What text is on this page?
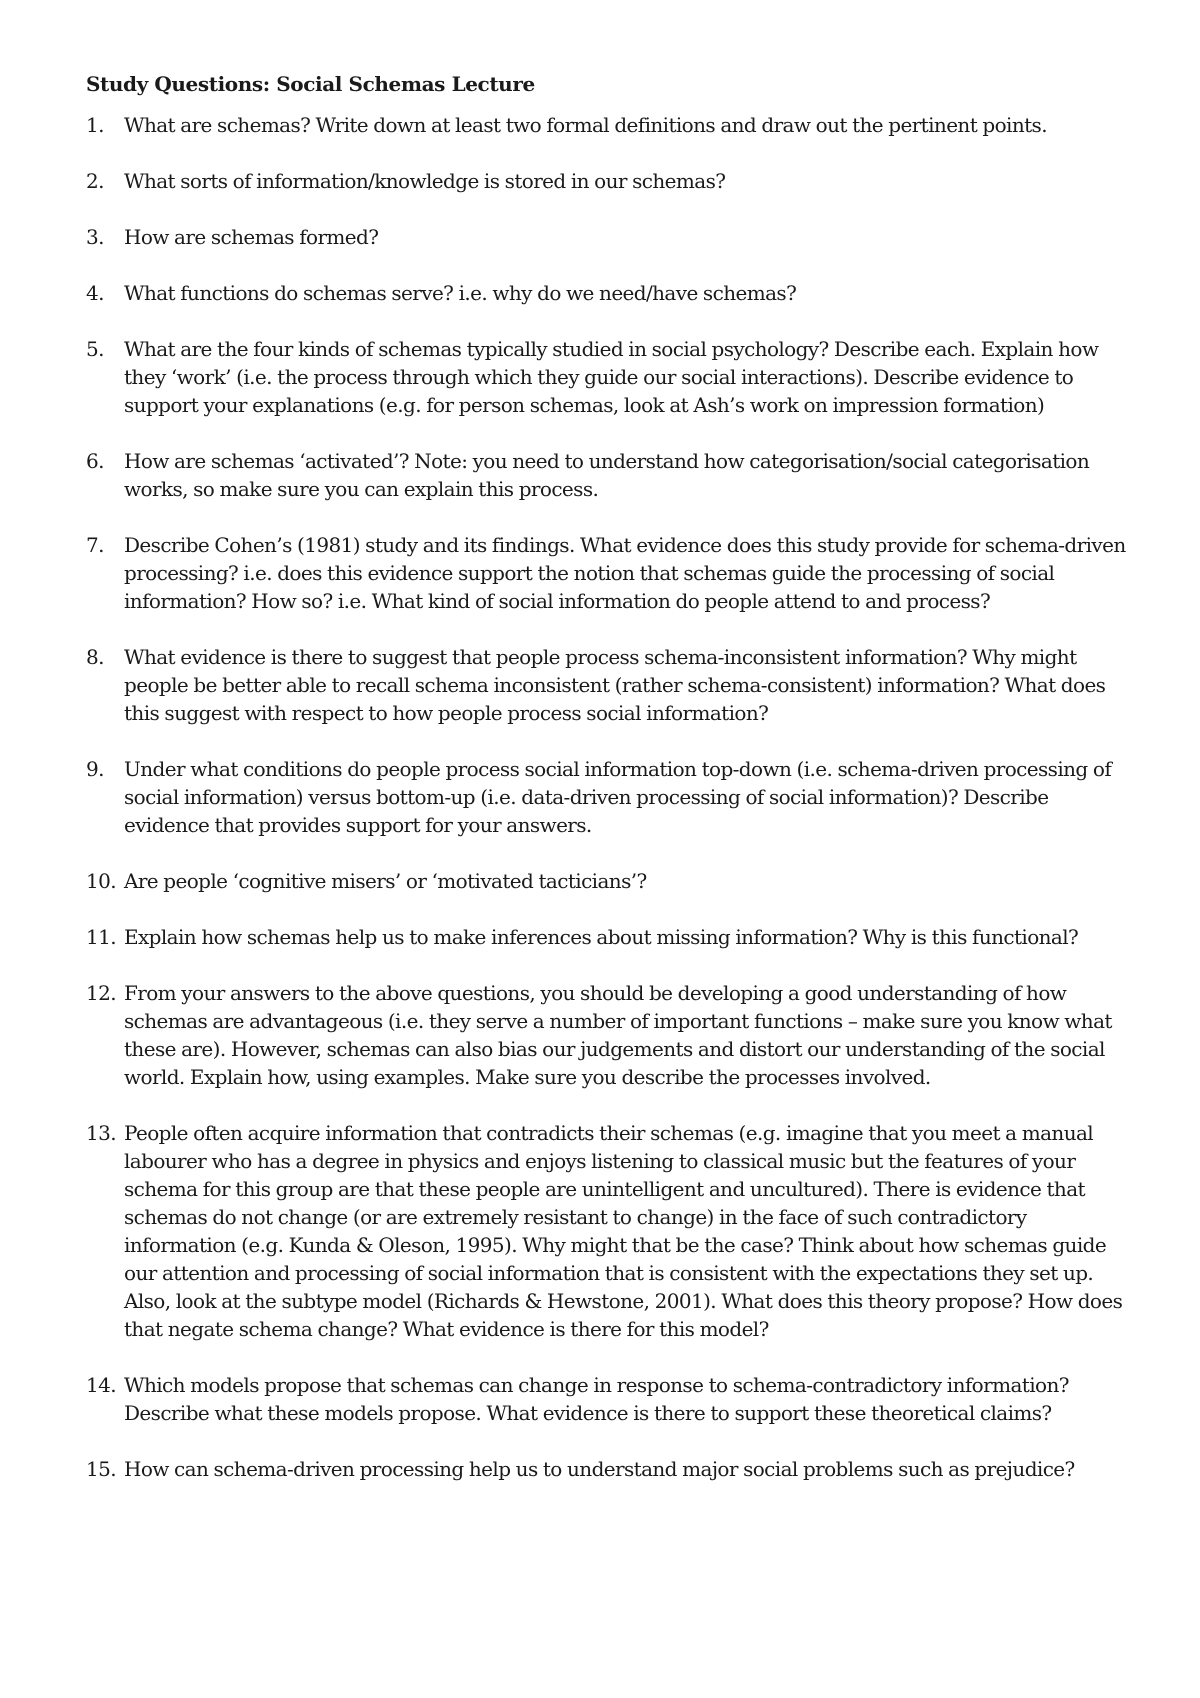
Study Questions: Social Schemas Lecture
1. What are schemas? Write down at least two formal definitions and draw out the pertinent points.
2. What sorts of information/knowledge is stored in our schemas?
3. How are schemas formed?
4. What functions do schemas serve? i.e. why do we need/have schemas?
5. What are the four kinds of schemas typically studied in social psychology? Describe each. Explain how they ‘work’ (i.e. the process through which they guide our social interactions). Describe evidence to support your explanations (e.g. for person schemas, look at Ash’s work on impression formation)
6. How are schemas ‘activated’? Note: you need to understand how categorisation/social categorisation works, so make sure you can explain this process.
7. Describe Cohen’s (1981) study and its findings. What evidence does this study provide for schema-driven processing? i.e. does this evidence support the notion that schemas guide the processing of social information? How so? i.e. What kind of social information do people attend to and process?
8. What evidence is there to suggest that people process schema-inconsistent information? Why might people be better able to recall schema inconsistent (rather schema-consistent) information? What does this suggest with respect to how people process social information?
9. Under what conditions do people process social information top-down (i.e. schema-driven processing of social information) versus bottom-up (i.e. data-driven processing of social information)? Describe evidence that provides support for your answers.
10. Are people ‘cognitive misers’ or ‘motivated tacticians’?
11. Explain how schemas help us to make inferences about missing information? Why is this functional?
12. From your answers to the above questions, you should be developing a good understanding of how schemas are advantageous (i.e. they serve a number of important functions – make sure you know what these are). However, schemas can also bias our judgements and distort our understanding of the social world. Explain how, using examples. Make sure you describe the processes involved.
13. People often acquire information that contradicts their schemas (e.g. imagine that you meet a manual labourer who has a degree in physics and enjoys listening to classical music but the features of your schema for this group are that these people are unintelligent and uncultured). There is evidence that schemas do not change (or are extremely resistant to change) in the face of such contradictory information (e.g. Kunda & Oleson, 1995). Why might that be the case? Think about how schemas guide our attention and processing of social information that is consistent with the expectations they set up. Also, look at the subtype model (Richards & Hewstone, 2001). What does this theory propose? How does that negate schema change? What evidence is there for this model?
14. Which models propose that schemas can change in response to schema-contradictory information? Describe what these models propose. What evidence is there to support these theoretical claims?
15. How can schema-driven processing help us to understand major social problems such as prejudice?
